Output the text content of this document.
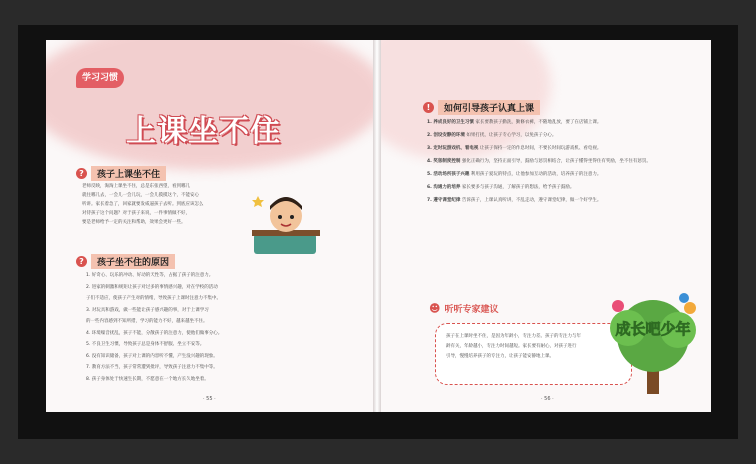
学习习惯
上课坐不住
?	孩子上课坐不住
老师反映，淘淘上课坐不住，总是东张西望，看到哪儿
就往哪儿去，一会儿一会儿玩，一会儿摸摸这个，不能安心
听讲。家长着急了，回家就要发威逼孩子去听。到底应该怎么
对待孩子这个问题？对于孩子来说，一件事情做不好，
要是老师给予一定的关注和帮助，效果会更好一些。
?	孩子坐不住的原因
1. 好奇心、玩乐的冲动、好动的天性等，占据了孩子的注意力。
2. 进家的刺激和规矩让孩子对过多的事情感兴趣，对在学校的活动
子们不适应，使孩子产生对的情绪，导致孩子上课时注意力不集中。
3. 对玩具和游戏，做一些能让孩子感兴趣的事，对于上课学习
的一些内容感到不知所措，学习的能力不好，越来越坐不住。
4. 环境噪音扰乱，孩子不能，分散孩子的注意力，使他们做事分心。
5. 不良卫生习惯，导致孩子总是身体不舒服、坐立不安等。
6. 没有知识储备，孩子对上课的内容听不懂，产生没兴趣的现象。
7. 教育方法不当，孩子常常遭到批评，导致孩子注意力不集中等。
8. 孩子身体处于快速生长期，不愿意在一个地方长久地坐着。
· 55 ·
!	如何引导孩子认真上课
1. 养成良好的卫生习惯 家长要教孩子勤洗，勤修衣裤，不随地乱放，要了在店铺上课。
2. 创设安静的环境 如果打扰，让孩子专心学习，以免孩子分心。
3. 定时玩游戏机、看电视 让孩子保持一定的作息时间，不要长时间玩游戏机、看电视。
4. 奖惩制度控制 强化正确行为，坚持正面引导，鼓励与惩罚相结合，让孩子懂得坐得住有奖励，坐不住有惩罚。
5. 活动场所孩子兴趣 利用孩子爱玩的特点，让他参加互动的活动，培养孩子的注意力。
6. 沟通力的培养 家长要多与孩子沟通，了解孩子的想法，给予孩子鼓励。
7. 遵守课堂纪律 告诉孩子，上课认真听讲，不乱走动，遵守课堂纪律，做一个好学生。
☻ 听听专家建议
孩子在上课时坐不住，是因为年龄小，专注力差。孩子的专注力与年
龄有关，年龄越小，专注力时间越短。家长要有耐心，对孩子进行
引导，慢慢培养孩子的专注力，让孩子能安静地上课。
成长吧少年
· 56 ·
